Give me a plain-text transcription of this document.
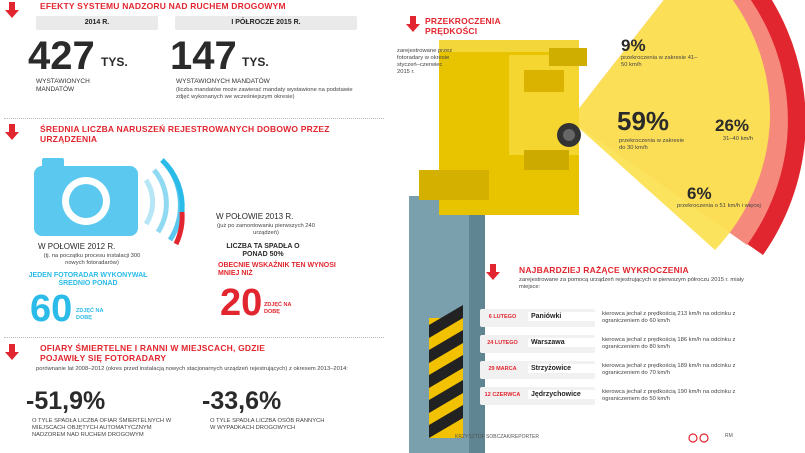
EFEKTY SYSTEMU NADZORU NAD RUCHEM DROGOWYM
2014 R.	I PÓŁROCZE 2015 R.
427 TYS.
WYSTAWIONYCH MANDATÓW
147 TYS.
WYSTAWIONYCH MANDATÓW
(liczba mandatów może zawierać mandaty wystawione na podstawie zdjęć wykonanych we wcześniejszym okresie)
ŚREDNIA LICZBA NARUSZEŃ REJESTROWANYCH DOBOWO PRZEZ URZĄDZENIA
W POŁOWIE 2013 R.
(już po zamontowaniu pierwszych 240 urządzeń)
LICZBA TA SPADŁA O PONAD 50%
OBECNIE WSKAŹNIK TEN WYNOSI MNIEJ NIŻ
20 ZDJĘĆ NA DOBĘ
W POŁOWIE 2012 R.
(tj. na początku procesu instalacji 300 nowych fotoradarów)
JEDEN FOTORADAR WYKONYWAŁ ŚREDNIO PONAD
60 ZDJĘĆ NA DOBĘ
OFIARY ŚMIERTELNE I RANNI W MIEJSCACH, GDZIE POJAWIŁY SIĘ FOTORADARY
porównanie lat 2008–2012 (okres przed instalacją nowych stacjonarnych urządzeń rejestrujących) z okresem 2013–2014:
-51,9%
O TYLE SPADŁA LICZBA OFIAR ŚMIERTELNYCH W MIEJSCACH OBJĘTYCH AUTOMATYCZNYM NADZOREM NAD RUCHEM DROGOWYM
-33,6%
O TYLE SPADŁA LICZBA OSÓB RANNYCH W WYPADKACH DROGOWYCH
PRZEKROCZENIA PRĘDKOŚCI
zarejestrowane przez fotoradary w okresie styczeń–czerwiec 2015 r.
9%
przekroczenia w zakresie 41–50 km/h
59%
przekroczenia w zakresie do 30 km/h
26%
31–40 km/h
6%
przekroczenia o 51 km/h i więcej
NAJBARDZIEJ RAŻĄCE WYKROCZENIA
zarejestrowane za pomocą urządzeń rejestrujących w pierwszym półroczu 2015 r. miały miejsce:
6 LUTEGO	Paniówki	kierowca jechał z prędkością 213 km/h na odcinku z ograniczeniem do 60 km/h
24 LUTEGO	Warszawa	kierowca jechał z prędkością 186 km/h na odcinku z ograniczeniem do 80 km/h
29 MARCA	Strzyżowice	kierowca jechał z prędkością 189 km/h na odcinku z ograniczeniem do 70 km/h
12 CZERWCA	Jędrzychowice	kierowca jechał z prędkością 190 km/h na odcinku z ograniczeniem do 50 km/h
KRZYSZTOF SOBCZAK/REPORTER	RM
